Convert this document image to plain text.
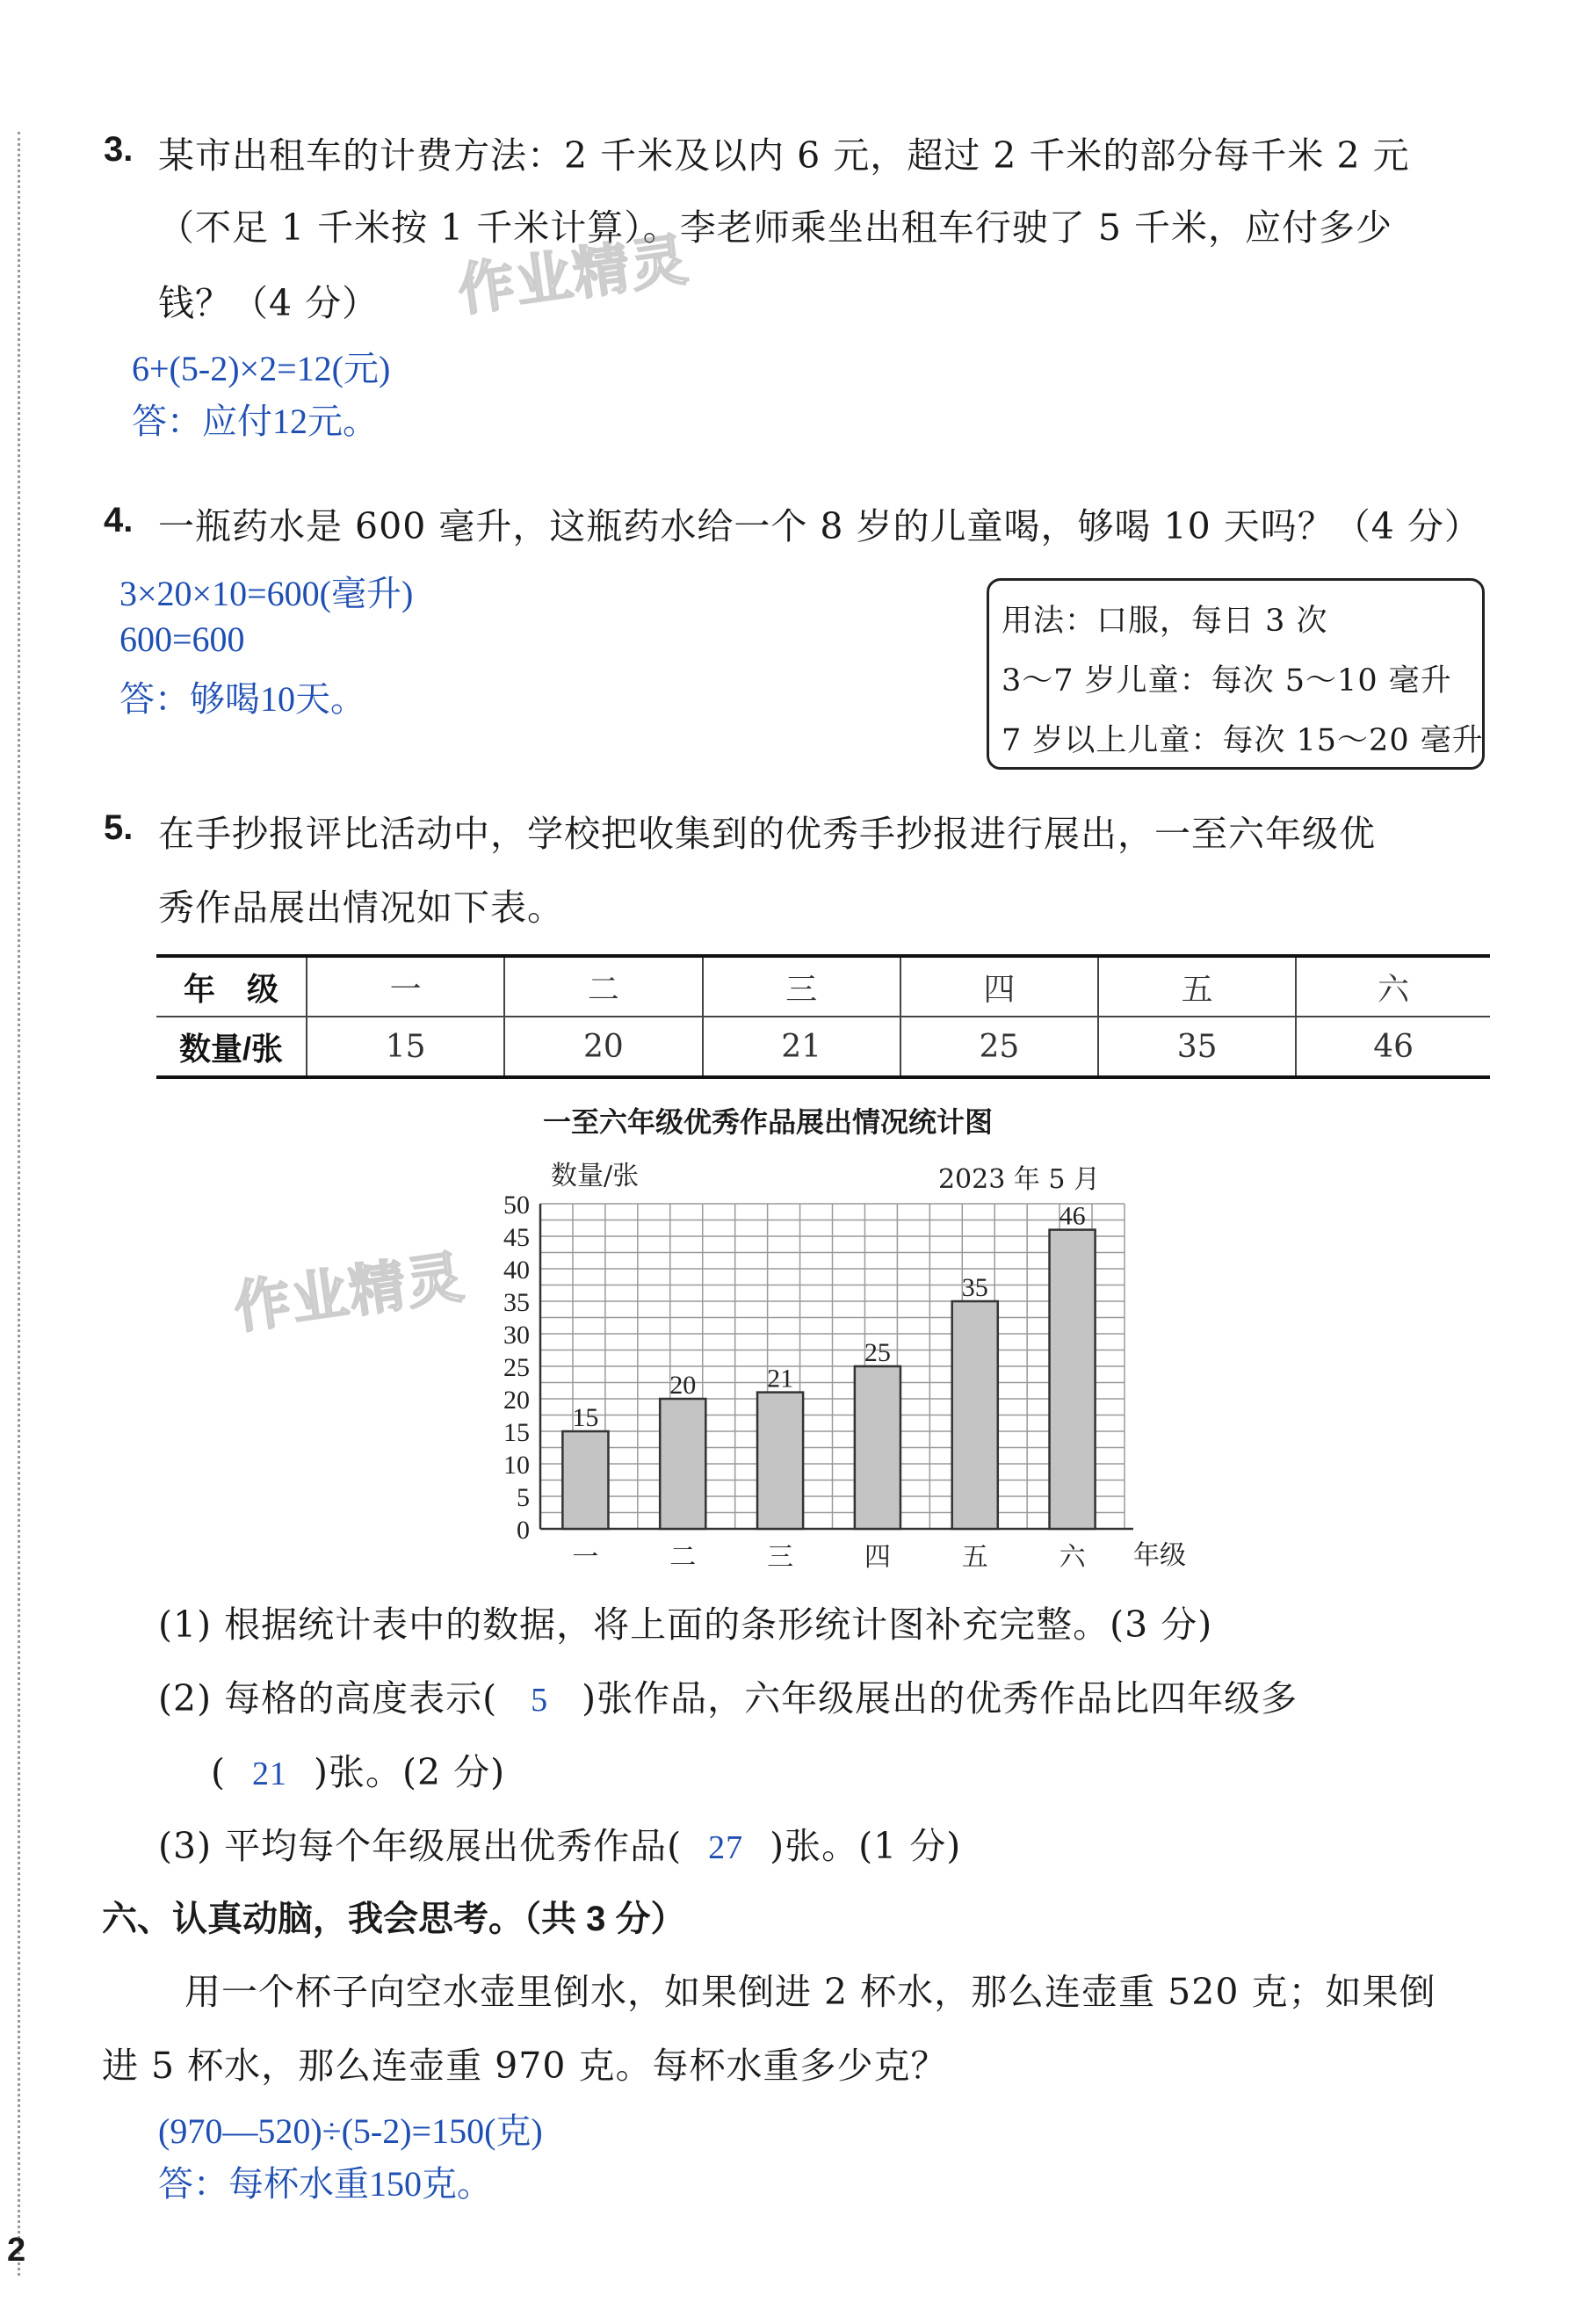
3. 某市出租车的计费方法：2 千米及以内 6 元，超过 2 千米的部分每千米 2 元
（不足 1 千米按 1 千米计算）。李老师乘坐出租车行驶了 5 千米，应付多少
钱？（4 分）
6+(5-2)×2=12(元)
答：应付12元。
作业精灵
4. 一瓶药水是 600 毫升，这瓶药水给一个 8 岁的儿童喝，够喝 10 天吗？（4 分）
3×20×10=600(毫升)
600=600
答：够喝10天。
用法：口服，每日 3 次
3～7 岁儿童：每次 5～10 毫升
7 岁以上儿童：每次 15～20 毫升
5. 在手抄报评比活动中，学校把收集到的优秀手抄报进行展出，一至六年级优
秀作品展出情况如下表。
年　级	一	二	三	四	五	六
数量/张	15	20	21	25	35	46
一至六年级优秀作品展出情况统计图
0
5
10
15
20
25
30
35
40
45
50
数量/张	2023 年 5 月
15
一
20
二
21
三
25
四
35
五
46
六 年级
作业精灵
(1) 根据统计表中的数据，将上面的条形统计图补充完整。(3 分)
(2) 每格的高度表示( 5 )张作品，六年级展出的优秀作品比四年级多
( 21 )张。(2 分)
(3) 平均每个年级展出优秀作品( 27 )张。(1 分)
六、认真动脑，我会思考。（共 3 分）
用一个杯子向空水壶里倒水，如果倒进 2 杯水，那么连壶重 520 克；如果倒
进 5 杯水，那么连壶重 970 克。每杯水重多少克？
(970—520)÷(5-2)=150(克)
答：每杯水重150克。
2
